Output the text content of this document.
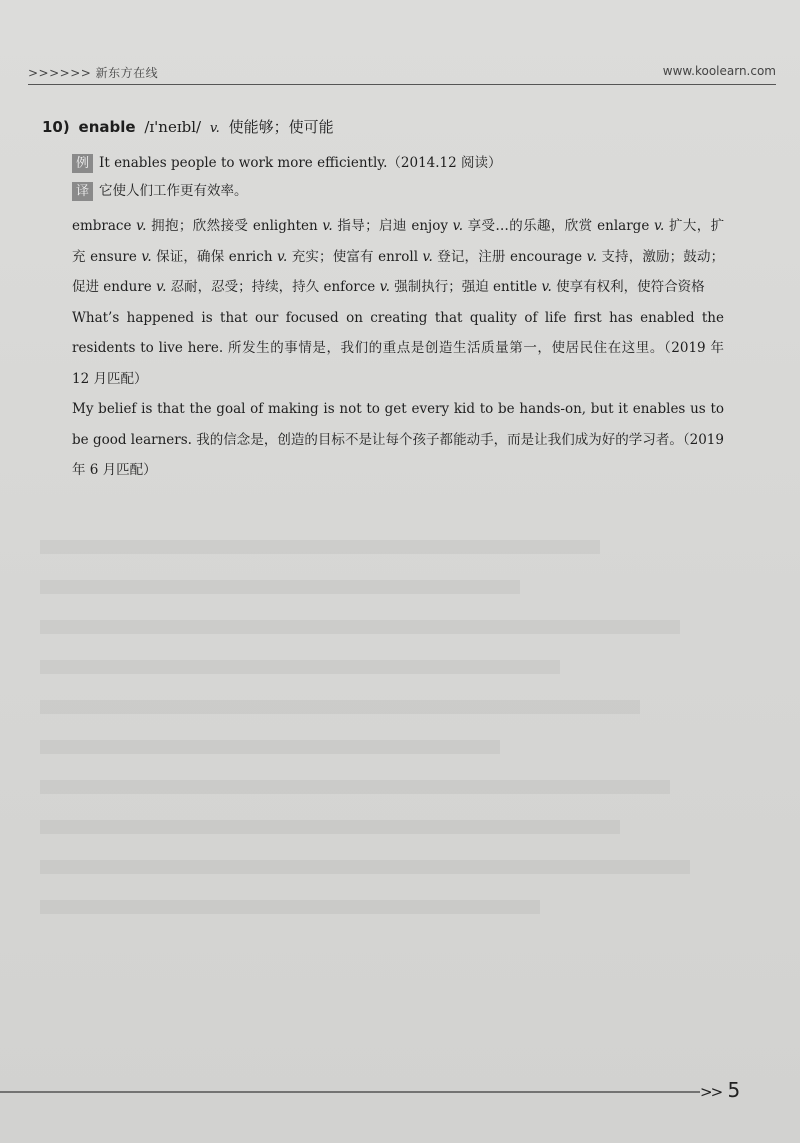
>>>>>> 新东方在线	www.koolearn.com
10) enable /ɪ'neɪbl/ v. 使能够；使可能
例 It enables people to work more efficiently.（2014.12 阅读）
译 它使人们工作更有效率。

embrace v. 拥抱；欣然接受 enlighten v. 指导；启迪 enjoy v. 享受…的乐趣，欣赏 enlarge v. 扩大，扩充 ensure v. 保证，确保 enrich v. 充实；使富有 enroll v. 登记，注册 encourage v. 支持，激励；鼓动；促进 endure v. 忍耐，忍受；持续，持久 enforce v. 强制执行；强迫 entitle v. 使享有权利，使符合资格

What’s happened is that our focused on creating that quality of life first has enabled the residents to live here. 所发生的事情是，我们的重点是创造生活质量第一，使居民住在这里。（2019 年 12 月匹配）
My belief is that the goal of making is not to get every kid to be hands-on, but it enables us to be good learners. 我的信念是，创造的目标不是让每个孩子都能动手，而是让我们成为好的学习者。（2019 年 6 月匹配）

>> 5
